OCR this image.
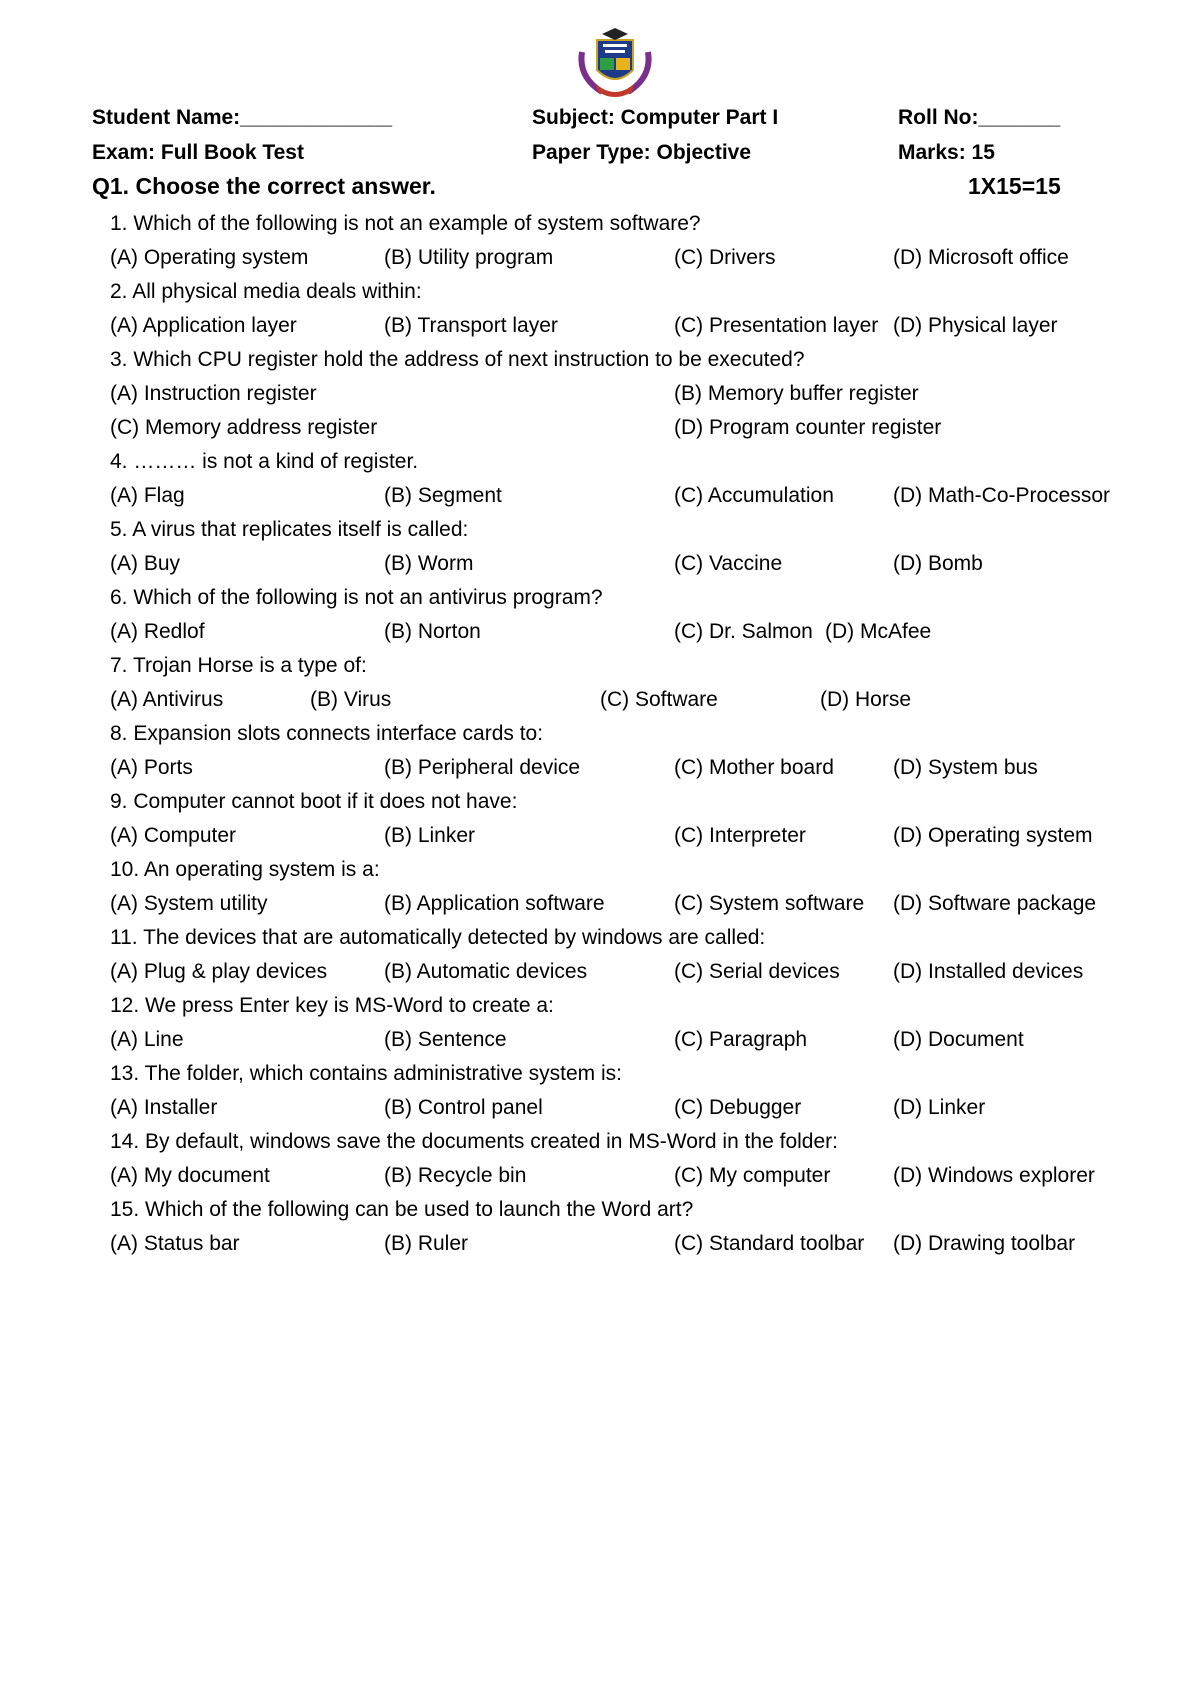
Student Name:_____________	Subject: Computer Part I	Roll No:_______
Exam: Full Book Test	Paper Type: Objective	Marks: 15
Q1. Choose the correct answer.	1X15=15
1. Which of the following is not an example of system software?
(A) Operating system	(B) Utility program	(C) Drivers	(D) Microsoft office
2. All physical media deals within:
(A) Application layer	(B) Transport layer	(C) Presentation layer (D) Physical layer
3. Which CPU register hold the address of next instruction to be executed?
(A) Instruction register	(B) Memory buffer register
(C) Memory address register	(D) Program counter register
4. ……… is not a kind of register.
(A) Flag	(B) Segment	(C) Accumulation	(D) Math-Co-Processor
5. A virus that replicates itself is called:
(A) Buy	(B) Worm	(C) Vaccine	(D) Bomb
6. Which of the following is not an antivirus program?
(A) Redlof	(B) Norton	(C) Dr. Salmon (D) McAfee
7. Trojan Horse is a type of:
(A) Antivirus	(B) Virus	(C) Software	(D) Horse
8. Expansion slots connects interface cards to:
(A) Ports	(B) Peripheral device	(C) Mother board	(D) System bus
9. Computer cannot boot if it does not have:
(A) Computer	(B) Linker	(C) Interpreter	(D) Operating system
10. An operating system is a:
(A) System utility	(B) Application software	(C) System software (D) Software package
11. The devices that are automatically detected by windows are called:
(A) Plug & play devices	(B) Automatic devices	(C) Serial devices	(D) Installed devices
12. We press Enter key is MS-Word to create a:
(A) Line	(B) Sentence	(C) Paragraph	(D) Document
13. The folder, which contains administrative system is:
(A) Installer	(B) Control panel	(C) Debugger	(D) Linker
14. By default, windows save the documents created in MS-Word in the folder:
(A) My document	(B) Recycle bin	(C) My computer	(D) Windows explorer
15. Which of the following can be used to launch the Word art?
(A) Status bar	(B) Ruler	(C) Standard toolbar (D) Drawing toolbar
